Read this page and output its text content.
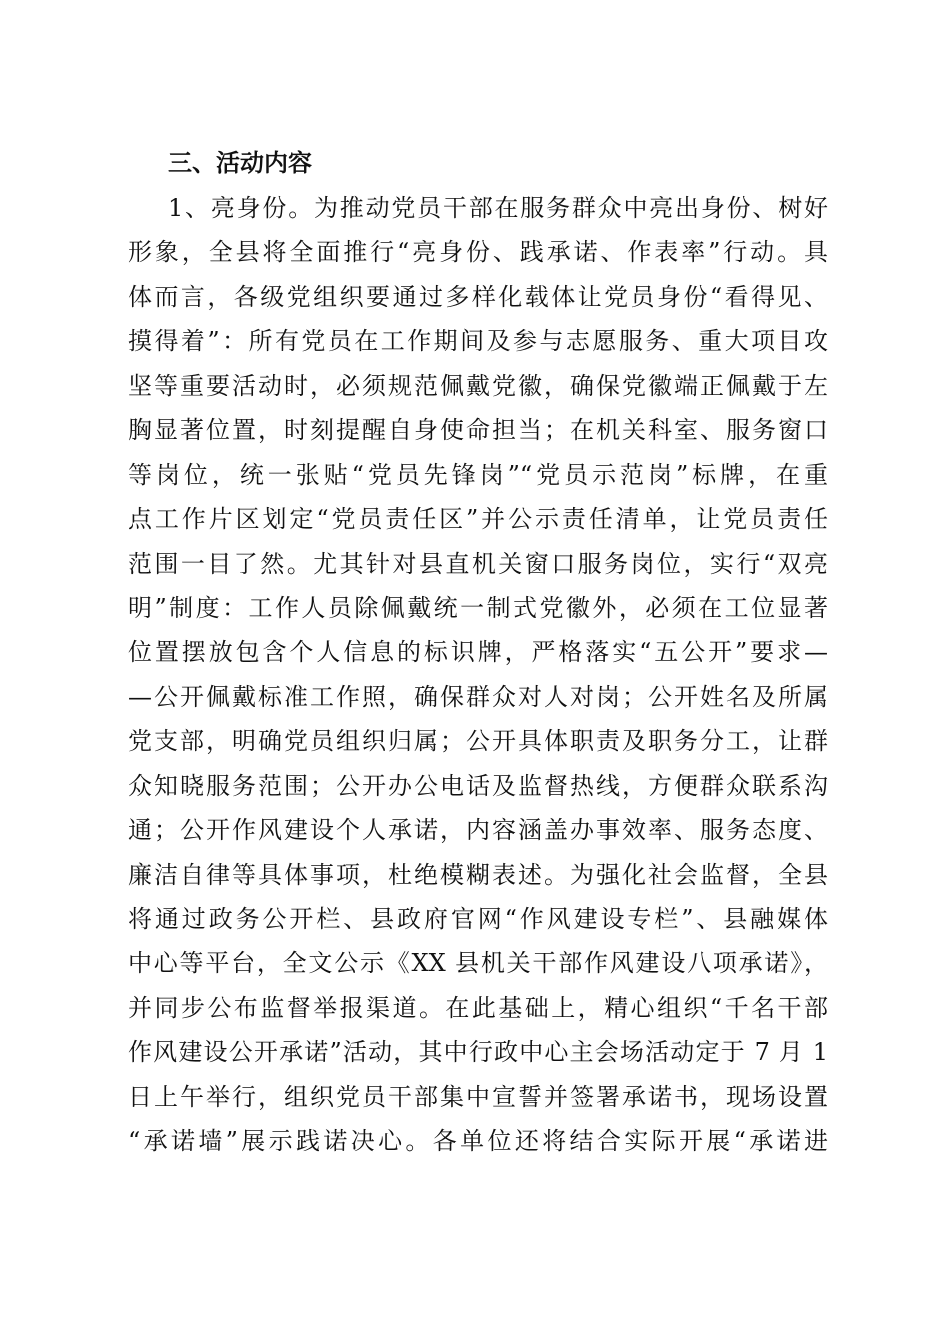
三、活动内容
1、亮身份。为推动党员干部在服务群众中亮出身份、树好
形象，全县将全面推行“亮身份、践承诺、作表率”行动。具
体而言，各级党组织要通过多样化载体让党员身份“看得见、
摸得着”：所有党员在工作期间及参与志愿服务、重大项目攻
坚等重要活动时，必须规范佩戴党徽，确保党徽端正佩戴于左
胸显著位置，时刻提醒自身使命担当；在机关科室、服务窗口
等岗位，统一张贴“党员先锋岗”“党员示范岗”标牌，在重
点工作片区划定“党员责任区”并公示责任清单，让党员责任
范围一目了然。尤其针对县直机关窗口服务岗位，实行“双亮
明”制度：工作人员除佩戴统一制式党徽外，必须在工位显著
位置摆放包含个人信息的标识牌，严格落实“五公开”要求—
—公开佩戴标准工作照，确保群众对人对岗；公开姓名及所属
党支部，明确党员组织归属；公开具体职责及职务分工，让群
众知晓服务范围；公开办公电话及监督热线，方便群众联系沟
通；公开作风建设个人承诺，内容涵盖办事效率、服务态度、
廉洁自律等具体事项，杜绝模糊表述。为强化社会监督，全县
将通过政务公开栏、县政府官网“作风建设专栏”、县融媒体
中心等平台，全文公示《XX 县机关干部作风建设八项承诺》，
并同步公布监督举报渠道。在此基础上，精心组织“千名干部
作风建设公开承诺”活动，其中行政中心主会场活动定于 7 月 1
日上午举行，组织党员干部集中宣誓并签署承诺书，现场设置
“承诺墙”展示践诺决心。各单位还将结合实际开展“承诺进
